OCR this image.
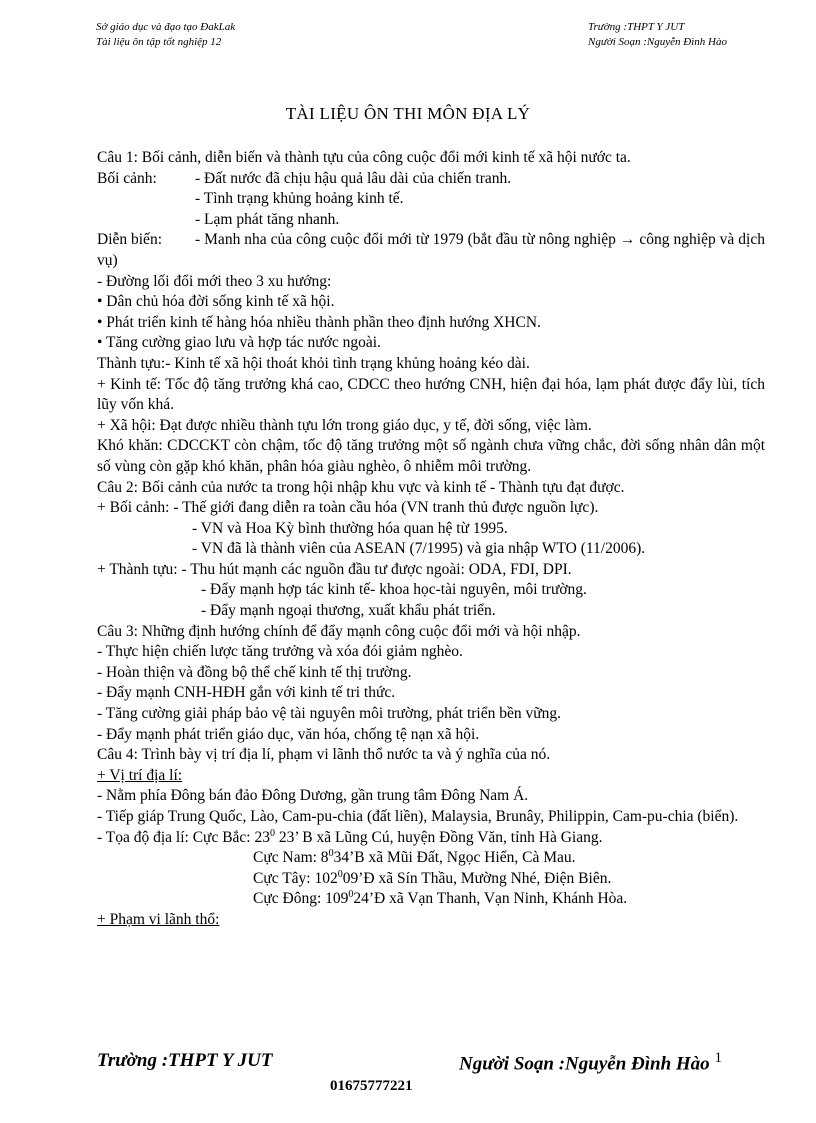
Sở giáo dục và đạo tạo ĐakLak
Tài liệu ôn tập tốt nghiệp 12
Trường :THPT Y JUT
Người Soạn :Nguyễn Đình Hào
TÀI LIỆU ÔN THI MÔN ĐỊA LÝ
Câu 1: Bối cảnh, diễn biến và thành tựu của công cuộc đổi mới kinh tế xã hội nước ta.
Bối cảnh: - Đất nước đã chịu hậu quả lâu dài của chiến tranh.
- Tình trạng khủng hoảng kinh tế.
- Lạm phát tăng nhanh.
Diễn biến: - Manh nha của công cuộc đổi mới từ 1979 (bắt đầu từ nông nghiệp → công nghiệp và dịch vụ)
- Đường lối đổi mới theo 3 xu hướng:
• Dân chủ hóa đời sống kinh tế xã hội.
• Phát triển kinh tế hàng hóa nhiều thành phần theo định hướng XHCN.
• Tăng cường giao lưu và hợp tác nước ngoài.
Thành tựu:- Kinh tế xã hội thoát khỏi tình trạng khủng hoảng kéo dài.
+ Kinh tế: Tốc độ tăng trưởng khá cao, CDCC theo hướng CNH, hiện đại hóa, lạm phát được đẩy lùi, tích lũy vốn khá.
+ Xã hội: Đạt được nhiều thành tựu lớn trong giáo dục, y tế, đời sống, việc làm.
Khó khăn: CDCCKT còn chậm, tốc độ tăng trưởng một số ngành chưa vững chắc, đời sống nhân dân một số vùng còn gặp khó khăn, phân hóa giàu nghèo, ô nhiễm môi trường.
Câu 2: Bối cảnh của nước ta trong hội nhập khu vực và kinh tế - Thành tựu đạt được.
+ Bối cảnh: - Thế giới đang diễn ra toàn cầu hóa (VN tranh thủ được nguồn lực).
- VN và Hoa Kỳ bình thường hóa quan hệ từ 1995.
- VN đã là thành viên của ASEAN (7/1995) và gia nhập WTO (11/2006).
+ Thành tựu: - Thu hút mạnh các nguồn đầu tư được ngoài: ODA, FDI, DPI.
- Đẩy mạnh hợp tác kinh tế- khoa học-tài nguyên, môi trường.
- Đẩy mạnh ngoại thương, xuất khẩu phát triển.
Câu 3: Những định hướng chính để đẩy mạnh công cuộc đổi mới và hội nhập.
- Thực hiện chiến lược tăng trưởng và xóa đói giảm nghèo.
- Hoàn thiện và đồng bộ thể chế kinh tế thị trường.
- Đẩy mạnh CNH-HĐH gắn với kinh tế tri thức.
- Tăng cường giải pháp bảo vệ tài nguyên môi trường, phát triển bền vững.
- Đẩy mạnh phát triển giáo dục, văn hóa, chống tệ nạn xã hội.
Câu 4: Trình bày vị trí địa lí, phạm vi lãnh thổ nước ta và ý nghĩa của nó.
+ Vị trí địa lí:
- Nằm phía Đông bán đảo Đông Dương, gần trung tâm Đông Nam Á.
- Tiếp giáp Trung Quốc, Lào, Cam-pu-chia (đất liền), Malaysia, Brunây, Philippin, Cam-pu-chia (biển).
- Tọa độ địa lí: Cực Bắc: $23^0$ 23’ B xã Lũng Cú, huyện Đồng Văn, tỉnh Hà Giang.
Cực Nam: $8^034’B$ xã Mũi Đất, Ngọc Hiển, Cà Mau.
Cực Tây: $102^009’Đ$ xã Sín Thầu, Mường Nhé, Điện Biên.
Cực Đông: $109^024’Đ$ xã Vạn Thanh, Vạn Ninh, Khánh Hòa.
+ Phạm vi lãnh thổ:
Trường :THPT Y JUT	Người Soạn :Nguyễn Đình Hào $^1$
01675777221
